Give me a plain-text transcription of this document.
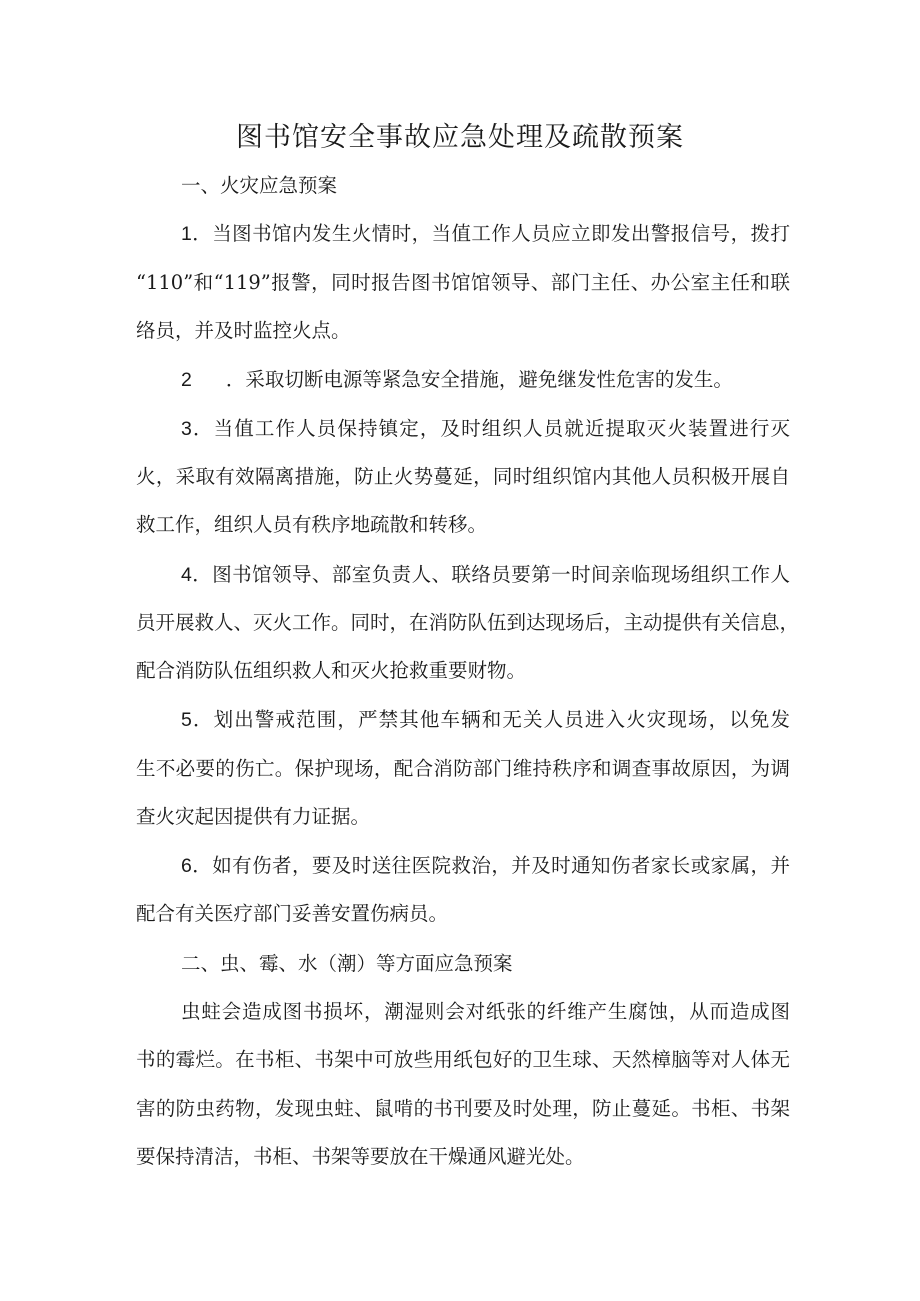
图书馆安全事故应急处理及疏散预案
一、火灾应急预案
1．当图书馆内发生火情时，当值工作人员应立即发出警报信号，拨打
“110”和“119”报警，同时报告图书馆馆领导、部门主任、办公室主任和联
络员，并及时监控火点。
2 ．采取切断电源等紧急安全措施，避免继发性危害的发生。
3．当值工作人员保持镇定，及时组织人员就近提取灭火装置进行灭
火，采取有效隔离措施，防止火势蔓延，同时组织馆内其他人员积极开展自
救工作，组织人员有秩序地疏散和转移。
4．图书馆领导、部室负责人、联络员要第一时间亲临现场组织工作人
员开展救人、灭火工作。同时，在消防队伍到达现场后，主动提供有关信息，
配合消防队伍组织救人和灭火抢救重要财物。
5．划出警戒范围，严禁其他车辆和无关人员进入火灾现场，以免发
生不必要的伤亡。保护现场，配合消防部门维持秩序和调查事故原因，为调
查火灾起因提供有力证据。
6．如有伤者，要及时送往医院救治，并及时通知伤者家长或家属，并
配合有关医疗部门妥善安置伤病员。
二、虫、霉、水（潮）等方面应急预案
虫蛀会造成图书损坏，潮湿则会对纸张的纤维产生腐蚀，从而造成图
书的霉烂。在书柜、书架中可放些用纸包好的卫生球、天然樟脑等对人体无
害的防虫药物，发现虫蛀、鼠啃的书刊要及时处理，防止蔓延。书柜、书架
要保持清洁，书柜、书架等要放在干燥通风避光处。
